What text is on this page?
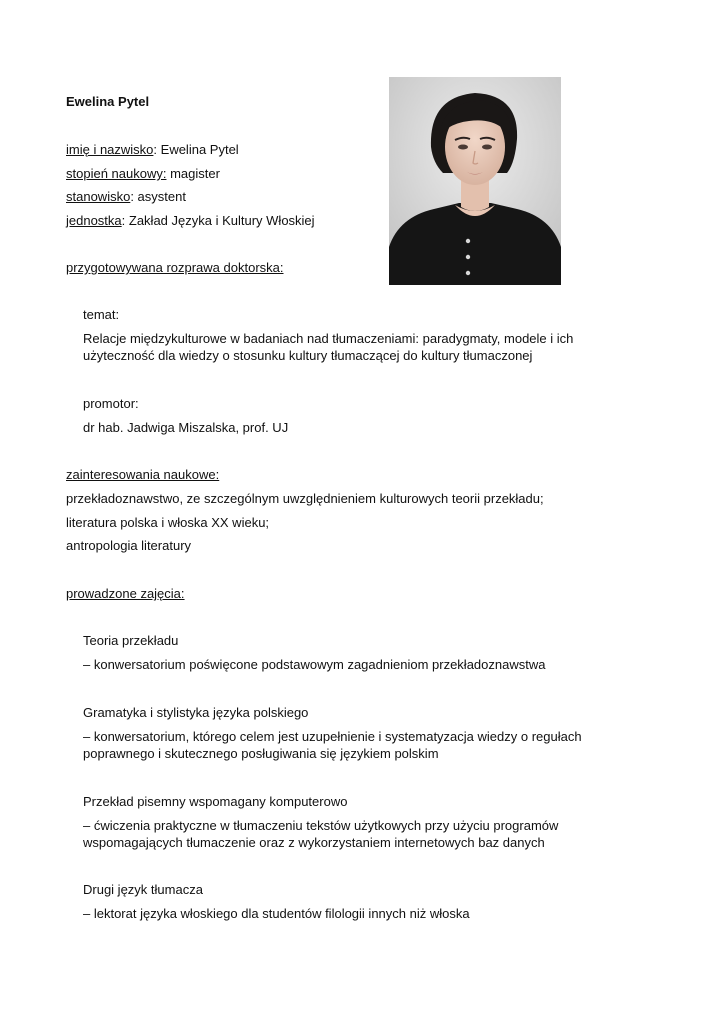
Ewelina Pytel
imię i nazwisko: Ewelina Pytel
stopień naukowy: magister
stanowisko: asystent
jednostka: Zakład Języka i Kultury Włoskiej
przygotowywana rozprawa doktorska:
temat:
Relacje międzykulturowe w badaniach nad tłumaczeniami: paradygmaty, modele i ich
użyteczność dla wiedzy o stosunku kultury tłumaczącej do kultury tłumaczonej
promotor:
dr hab. Jadwiga Miszalska, prof. UJ
zainteresowania naukowe:
przekładoznawstwo, ze szczególnym uwzględnieniem kulturowych teorii przekładu;
literatura polska i włoska XX wieku;
antropologia literatury
prowadzone zajęcia:
Teoria przekładu
– konwersatorium poświęcone podstawowym zagadnieniom przekładoznawstwa
Gramatyka i stylistyka języka polskiego
– konwersatorium, którego celem jest uzupełnienie i systematyzacja wiedzy o regułach
poprawnego i skutecznego posługiwania się językiem polskim
Przekład pisemny wspomagany komputerowo
– ćwiczenia praktyczne w tłumaczeniu tekstów użytkowych przy użyciu programów
wspomagających tłumaczenie oraz z wykorzystaniem internetowych baz danych
Drugi język tłumacza
– lektorat języka włoskiego dla studentów filologii innych niż włoska
